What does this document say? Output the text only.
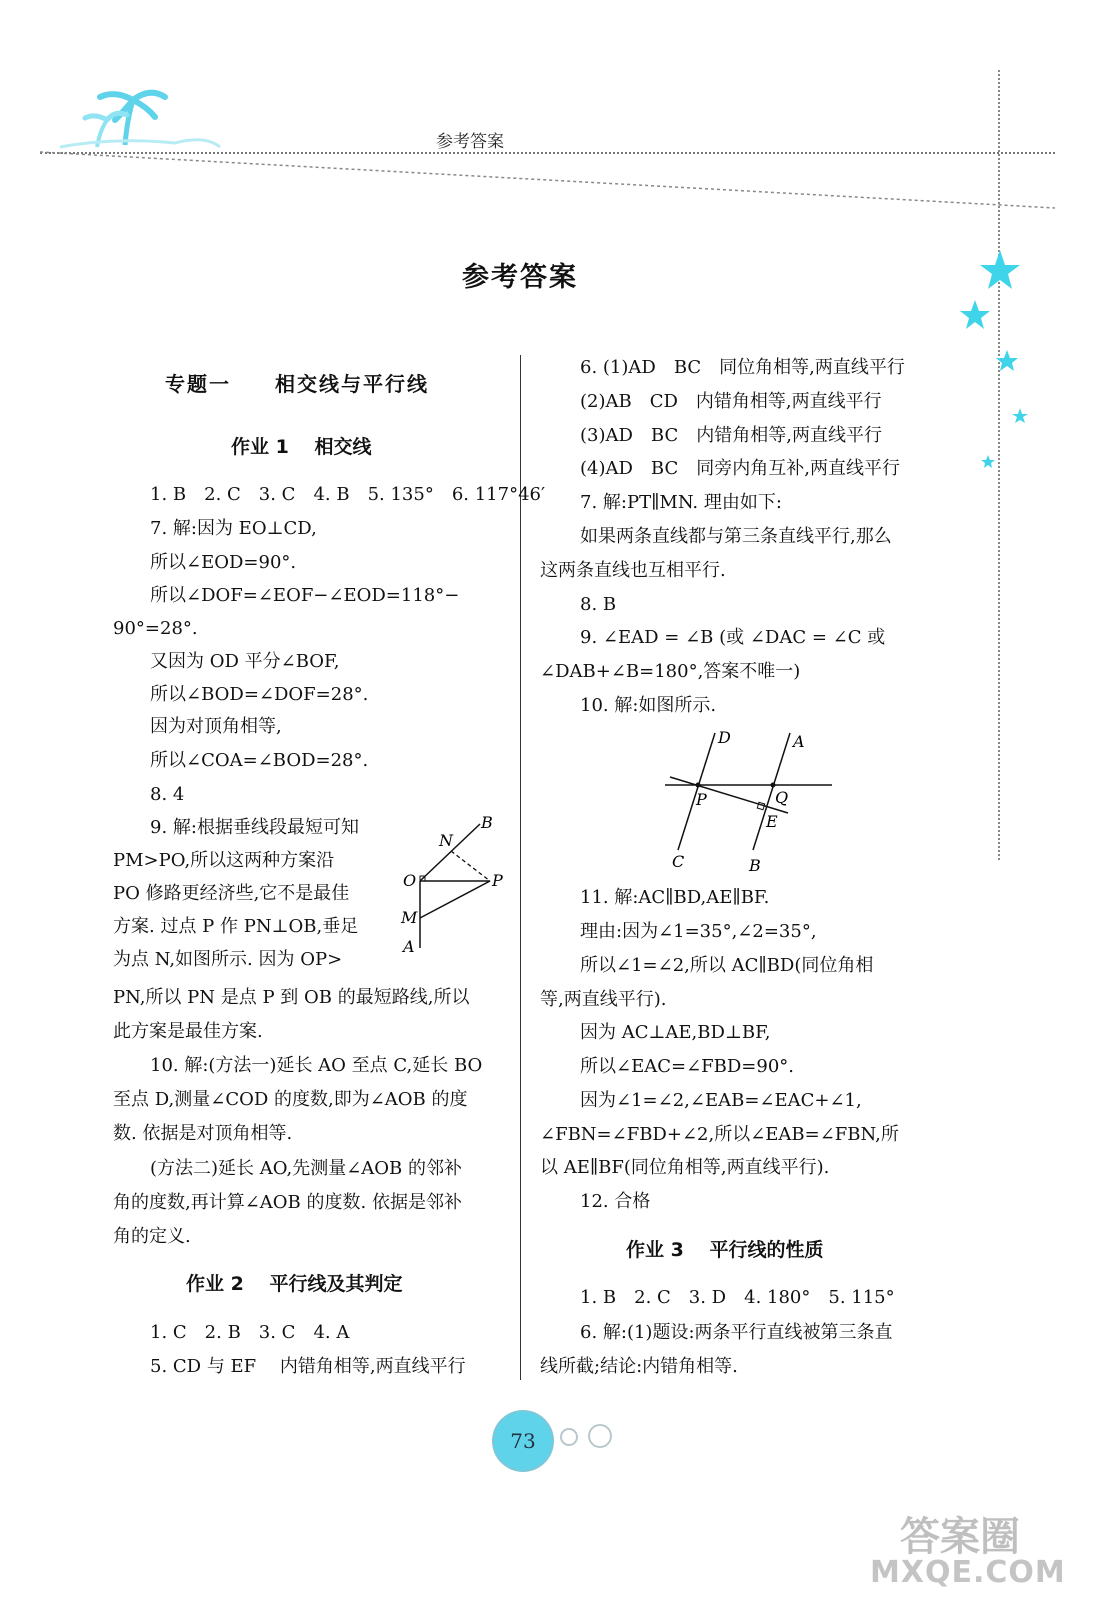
参考答案
参考答案
专题一　　相交线与平行线
作业 1　 相交线
1. B　2. C　3. C　4. B　5. 135°　6. 117°46′
7. 解:因为 EO⊥CD,
所以∠EOD=90°.
所以∠DOF=∠EOF−∠EOD=118°−
90°=28°.
又因为 OD 平分∠BOF,
所以∠BOD=∠DOF=28°.
因为对顶角相等,
所以∠COA=∠BOD=28°.
8. 4
9. 解:根据垂线段最短可知
PM>PO,所以这两种方案沿
PO 修路更经济些,它不是最佳
方案. 过点 P 作 PN⊥OB,垂足
为点 N,如图所示. 因为 OP>
PN,所以 PN 是点 P 到 OB 的最短路线,所以
此方案是最佳方案.
10. 解:(方法一)延长 AO 至点 C,延长 BO
至点 D,测量∠COD 的度数,即为∠AOB 的度
数. 依据是对顶角相等.
(方法二)延长 AO,先测量∠AOB 的邻补
角的度数,再计算∠AOB 的度数. 依据是邻补
角的定义.
作业 2　 平行线及其判定
1. C　2. B　3. C　4. A
5. CD 与 EF　 内错角相等,两直线平行
B
N
O	P
M
A
6. (1)AD　BC　同位角相等,两直线平行
(2)AB　CD　内错角相等,两直线平行
(3)AD　BC　内错角相等,两直线平行
(4)AD　BC　同旁内角互补,两直线平行
7. 解:PT∥MN. 理由如下:
如果两条直线都与第三条直线平行,那么
这两条直线也互相平行.
8. B
9. ∠EAD = ∠B (或 ∠DAC = ∠C 或
∠DAB+∠B=180°,答案不唯一)
10. 解:如图所示.
11. 解:AC∥BD,AE∥BF.
理由:因为∠1=35°,∠2=35°,
所以∠1=∠2,所以 AC∥BD(同位角相
等,两直线平行).
因为 AC⊥AE,BD⊥BF,
所以∠EAC=∠FBD=90°.
因为∠1=∠2,∠EAB=∠EAC+∠1,
∠FBN=∠FBD+∠2,所以∠EAB=∠FBN,所
以 AE∥BF(同位角相等,两直线平行).
12. 合格
作业 3　 平行线的性质
1. B　2. C　3. D　4. 180°　5. 115°
6. 解:(1)题设:两条平行直线被第三条直
线所截;结论:内错角相等.
D	A
P	Q
E
C	B
73
答案圈
MXQE.COM
